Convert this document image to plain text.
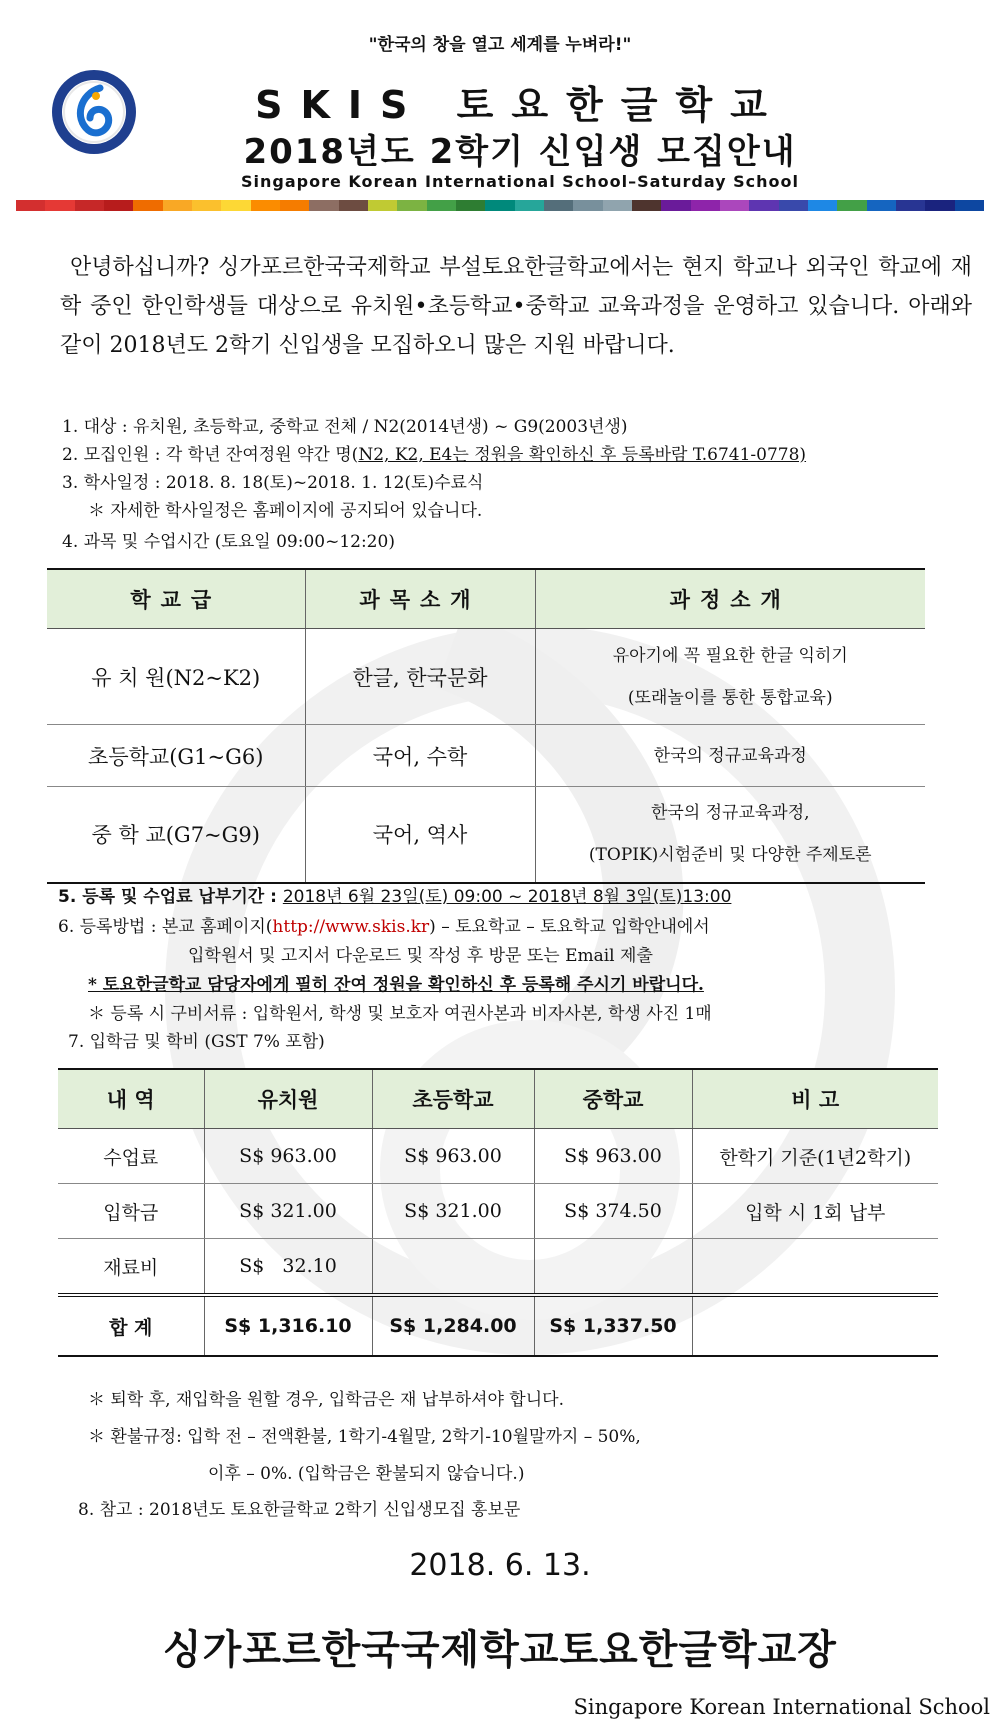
"한국의 창을 열고 세계를 누벼라!"
SKIS 토요한글학교
2018년도 2학기 신입생 모집안내
Singapore Korean International School–Saturday School
안녕하십니까? 싱가포르한국국제학교 부설토요한글학교에서는 현지 학교나 외국인 학교에 재학 중인 한인학생들 대상으로 유치원•초등학교•중학교 교육과정을 운영하고 있습니다. 아래와 같이 2018년도 2학기 신입생을 모집하오니 많은 지원 바랍니다.
1. 대상 : 유치원, 초등학교, 중학교 전체 / N2(2014년생) ~ G9(2003년생)
2. 모집인원 : 각 학년 잔여정원 약간 명(N2, K2, E4는 정원을 확인하신 후 등록바람 T.6741-0778)
3. 학사일정 : 2018. 8. 18(토)~2018. 1. 12(토)수료식
＊ 자세한 학사일정은 홈페이지에 공지되어 있습니다.
4. 과목 및 수업시간 (토요일 09:00~12:20)
학교급	과목소개	과정소개
유 치 원(N2~K2)	한글, 한국문화	유아기에 꼭 필요한 한글 익히기
(또래놀이를 통한 통합교육)

초등학교(G1~G6)	국어, 수학	한국의 정규교육과정

중 학 교(G7~G9)	국어, 역사	한국의 정규교육과정,
(TOPIK)시험준비 및 다양한 주제토론
5. 등록 및 수업료 납부기간 : 2018년 6월 23일(토) 09:00 ~ 2018년 8월 3일(토)13:00
6. 등록방법 : 본교 홈페이지(http://www.skis.kr) – 토요학교 – 토요학교 입학안내에서
입학원서 및 고지서 다운로드 및 작성 후 방문 또는 Email 제출
* 토요한글학교 담당자에게 필히 잔여 정원을 확인하신 후 등록해 주시기 바랍니다.
＊ 등록 시 구비서류 : 입학원서, 학생 및 보호자 여권사본과 비자사본, 학생 사진 1매
7. 입학금 및 학비 (GST 7% 포함)
내 역	유치원	초등학교	중학교	비 고
수업료	S$ 963.00	S$ 963.00	S$ 963.00	한학기 기준(1년2학기)
입학금	S$ 321.00	S$ 321.00	S$ 374.50	입학 시 1회 납부
재료비	S$   32.10			
합 계	S$ 1,316.10	S$ 1,284.00	S$ 1,337.50	
＊ 퇴학 후, 재입학을 원할 경우, 입학금은 재 납부하셔야 합니다.
＊ 환불규정: 입학 전 – 전액환불, 1학기-4월말, 2학기-10월말까지 – 50%,
이후 – 0%. (입학금은 환불되지 않습니다.)
8. 참고 : 2018년도 토요한글학교 2학기 신입생모집 홍보문
2018. 6. 13.
싱가포르한국국제학교토요한글학교장
Singapore Korean International School
